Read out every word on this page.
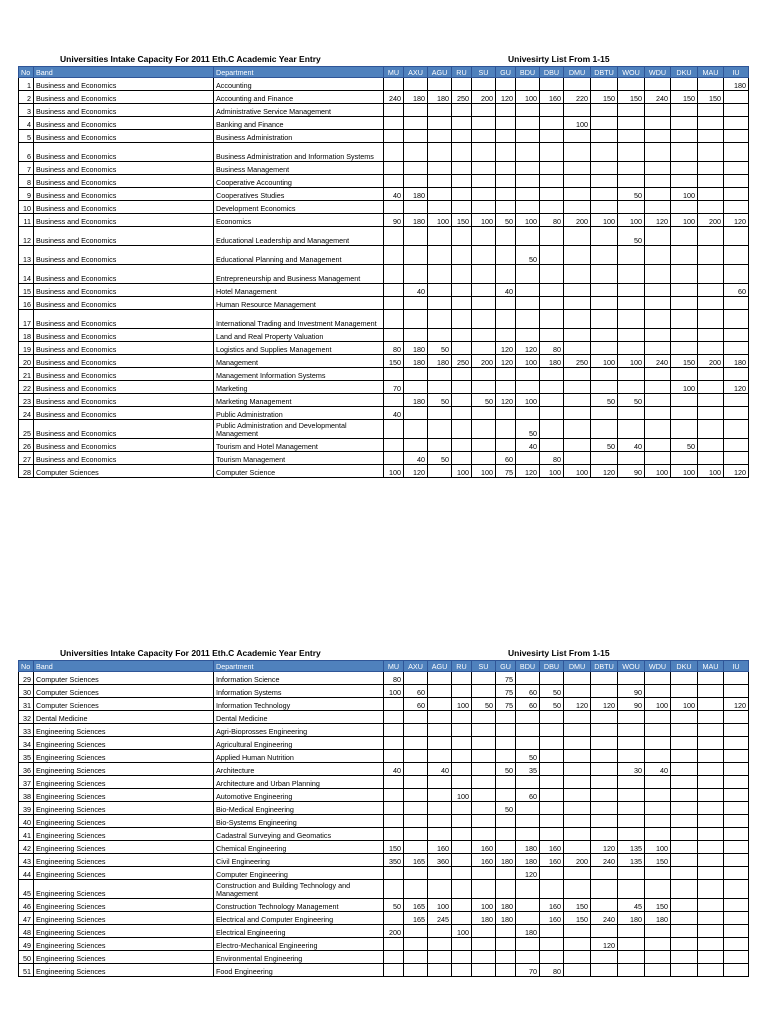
Universities Intake Capacity For 2011 Eth.C Academic Year Entry	Univesirty List From 1-15
No	Band	Department	MU	AXU	AGU	RU	SU	GU	BDU	DBU	DMU	DBTU	WOU	WDU	DKU	MAU	IU
1	Business and Economics	Accounting															180
2	Business and Economics	Accounting and Finance	240	180	180	250	200	120	100	160	220	150	150	240	150	150	
3	Business and Economics	Administrative Service Management															
4	Business and Economics	Banking and Finance									100						
5	Business and Economics	Business Administration															
6	Business and Economics	Business Administration and Information Systems															
7	Business and Economics	Business Management															
8	Business and Economics	Cooperative Accounting															
9	Business and Economics	Cooperatives Studies	40	180									50		100		
10	Business and Economics	Development Economics															
11	Business and Economics	Economics	90	180	100	150	100	50	100	80	200	100	100	120	100	200	120
12	Business and Economics	Educational Leadership and Management											50				
13	Business and Economics	Educational Planning and Management							50								
14	Business and Economics	Entrepreneurship and Business Management															
15	Business and Economics	Hotel Management		40				40									60
16	Business and Economics	Human Resource Management															
17	Business and Economics	International Trading and Investment Management															
18	Business and Economics	Land and Real Property Valuation															
19	Business and Economics	Logistics and Supplies Management	80	180	50			120	120	80							
20	Business and Economics	Management	150	180	180	250	200	120	100	180	250	100	100	240	150	200	180
21	Business and Economics	Management Information Systems															
22	Business and Economics	Marketing	70												100		120
23	Business and Economics	Marketing Management		180	50		50	120	100			50	50				
24	Business and Economics	Public Administration	40														
25	Business and Economics	Public Administration and Developmental Management							50								
26	Business and Economics	Tourism and Hotel Management							40			50	40		50		
27	Business and Economics	Tourism Management		40	50			60		80							
28	Computer Sciences	Computer Science	100	120		100	100	75	120	100	100	120	90	100	100	100	120
Universities Intake Capacity For 2011 Eth.C Academic Year Entry	Univesirty List From 1-15
No	Band	Department	MU	AXU	AGU	RU	SU	GU	BDU	DBU	DMU	DBTU	WOU	WDU	DKU	MAU	IU
29	Computer Sciences	Information Science	80					75									
30	Computer Sciences	Information Systems	100	60				75	60	50			90				
31	Computer Sciences	Information Technology		60		100	50	75	60	50	120	120	90	100	100		120
32	Dental Medicine	Dental Medicine															
33	Engineering Sciences	Agri-Bioprosses Engineering															
34	Engineering Sciences	Agricultural Engineering															
35	Engineering Sciences	Applied Human Nutrition							50								
36	Engineering Sciences	Architecture	40		40			50	35				30	40			
37	Engineering Sciences	Architecture and Urban Planning															
38	Engineering Sciences	Automotive Engineering				100			60								
39	Engineering Sciences	Bio-Medical Engineering						50									
40	Engineering Sciences	Bio-Systems Engineering															
41	Engineering Sciences	Cadastral Surveying and Geomatics															
42	Engineering Sciences	Chemical Engineering	150		160		160		180	160		120	135	100			
43	Engineering Sciences	Civil Engineering	350	165	360		160	180	180	160	200	240	135	150			
44	Engineering Sciences	Computer Engineering							120								
45	Engineering Sciences	Construction and Building Technology and Management															
46	Engineering Sciences	Construction Technology Management	50	165	100		100	180		160	150		45	150			
47	Engineering Sciences	Electrical and Computer Engineering		165	245		180	180		160	150	240	180	180			
48	Engineering Sciences	Electrical Engineering	200			100			180								
49	Engineering Sciences	Electro-Mechanical Engineering										120					
50	Engineering Sciences	Environmental Engineering															
51	Engineering Sciences	Food Engineering							70	80							
